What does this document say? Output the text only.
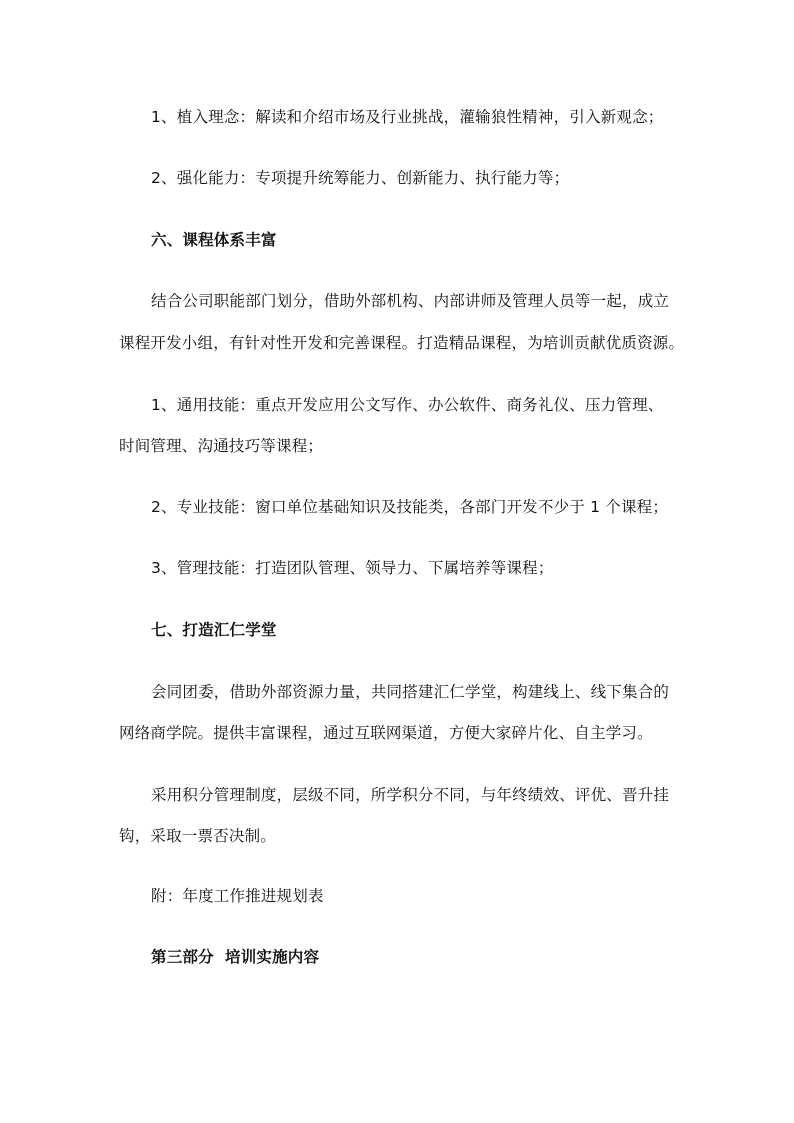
1、植入理念：解读和介绍市场及行业挑战，灌输狼性精神，引入新观念；
2、强化能力：专项提升统筹能力、创新能力、执行能力等；
六、课程体系丰富
结合公司职能部门划分，借助外部机构、内部讲师及管理人员等一起，成立
课程开发小组，有针对性开发和完善课程。打造精品课程，为培训贡献优质资源。
1、通用技能：重点开发应用公文写作、办公软件、商务礼仪、压力管理、
时间管理、沟通技巧等课程；
2、专业技能：窗口单位基础知识及技能类，各部门开发不少于 1 个课程；
3、管理技能：打造团队管理、领导力、下属培养等课程；
七、打造汇仁学堂
会同团委，借助外部资源力量，共同搭建汇仁学堂，构建线上、线下集合的
网络商学院。提供丰富课程，通过互联网渠道，方便大家碎片化、自主学习。
采用积分管理制度，层级不同，所学积分不同，与年终绩效、评优、晋升挂
钩，采取一票否决制。
附：年度工作推进规划表
第三部分  培训实施内容
